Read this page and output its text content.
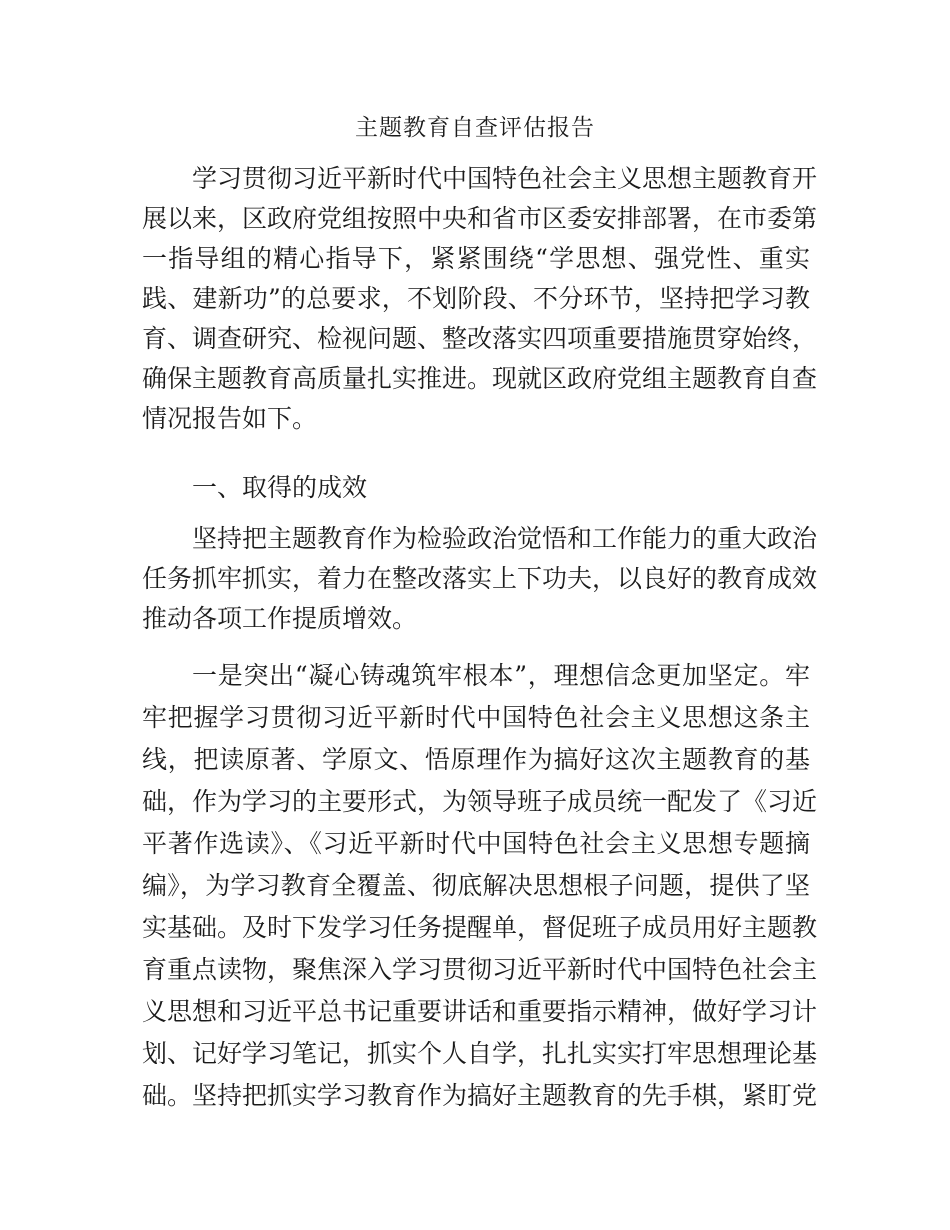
主题教育自查评估报告
学习贯彻习近平新时代中国特色社会主义思想主题教育开
展以来，区政府党组按照中央和省市区委安排部署，在市委第
一指导组的精心指导下，紧紧围绕“学思想、强党性、重实
践、建新功”的总要求，不划阶段、不分环节，坚持把学习教
育、调查研究、检视问题、整改落实四项重要措施贯穿始终，
确保主题教育高质量扎实推进。现就区政府党组主题教育自查
情况报告如下。
一、取得的成效
坚持把主题教育作为检验政治觉悟和工作能力的重大政治
任务抓牢抓实，着力在整改落实上下功夫，以良好的教育成效
推动各项工作提质增效。
一是突出“凝心铸魂筑牢根本”，理想信念更加坚定。牢
牢把握学习贯彻习近平新时代中国特色社会主义思想这条主
线，把读原著、学原文、悟原理作为搞好这次主题教育的基
础，作为学习的主要形式，为领导班子成员统一配发了《习近
平著作选读》、《习近平新时代中国特色社会主义思想专题摘
编》，为学习教育全覆盖、彻底解决思想根子问题，提供了坚
实基础。及时下发学习任务提醒单，督促班子成员用好主题教
育重点读物，聚焦深入学习贯彻习近平新时代中国特色社会主
义思想和习近平总书记重要讲话和重要指示精神，做好学习计
划、记好学习笔记，抓实个人自学，扎扎实实打牢思想理论基
础。坚持把抓实学习教育作为搞好主题教育的先手棋，紧盯党
